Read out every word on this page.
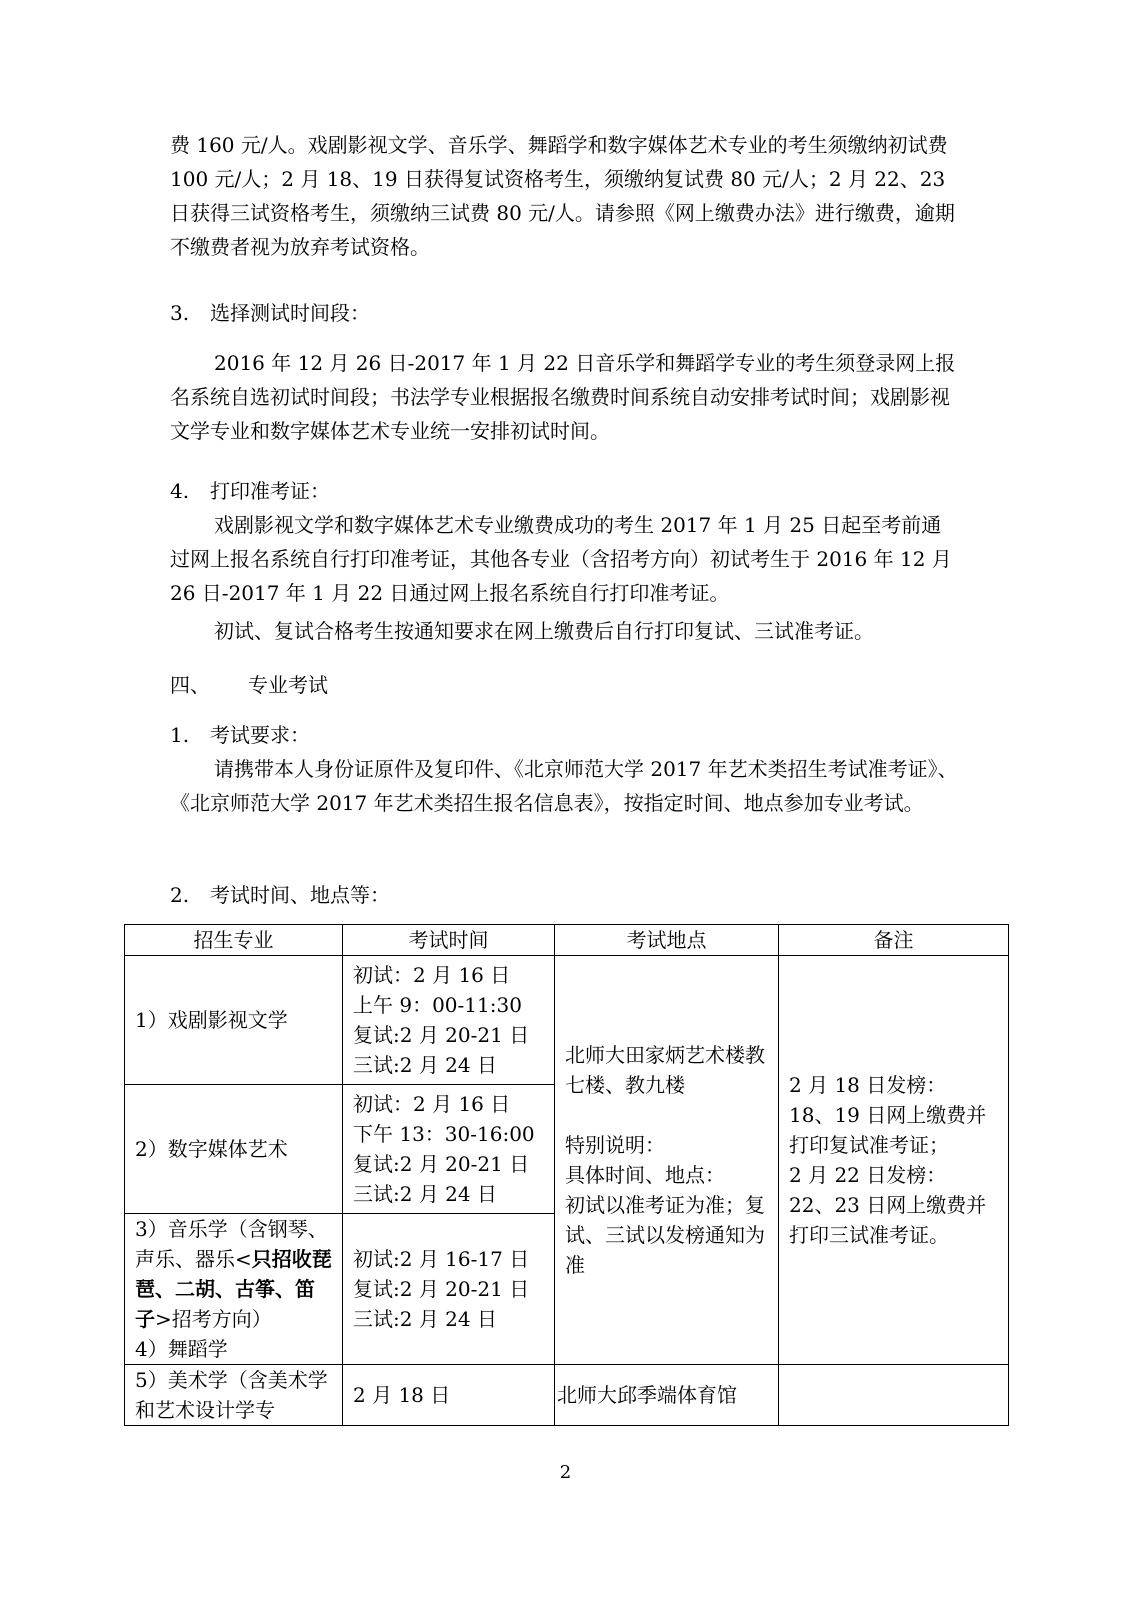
费 160 元/人。戏剧影视文学、音乐学、舞蹈学和数字媒体艺术专业的考生须缴纳初试费 100 元/人；2 月 18、19 日获得复试资格考生，须缴纳复试费 80 元/人；2 月 22、23 日获得三试资格考生，须缴纳三试费 80 元/人。请参照《网上缴费办法》进行缴费，逾期不缴费者视为放弃考试资格。

3. 选择测试时间段：

2016 年 12 月 26 日-2017 年 1 月 22 日音乐学和舞蹈学专业的考生须登录网上报名系统自选初试时间段；书法学专业根据报名缴费时间系统自动安排考试时间；戏剧影视文学专业和数字媒体艺术专业统一安排初试时间。

4. 打印准考证：

戏剧影视文学和数字媒体艺术专业缴费成功的考生 2017 年 1 月 25 日起至考前通过网上报名系统自行打印准考证，其他各专业（含招考方向）初试考生于 2016 年 12 月 26 日-2017 年 1 月 22 日通过网上报名系统自行打印准考证。

初试、复试合格考生按通知要求在网上缴费后自行打印复试、三试准考证。

四、 专业考试
1. 考试要求：

请携带本人身份证原件及复印件、《北京师范大学 2017 年艺术类招生考试准考证》、《北京师范大学 2017 年艺术类招生报名信息表》，按指定时间、地点参加专业考试。

2. 考试时间、地点等：
招生专业	考试时间	考试地点	备注
1）戏剧影视文学	初试：2 月 16 日
上午 9：00-11:30
复试:2 月 20-21 日
三试:2 月 24 日	北师大田家炳艺术楼教七楼、教九楼

特别说明：
具体时间、地点：
初试以准考证为准；复试、三试以发榜通知为准	2 月 18 日发榜：
18、19 日网上缴费并打印复试准考证；
2 月 22 日发榜：
22、23 日网上缴费并打印三试准考证。

2）数字媒体艺术	初试：2 月 16 日
下午 13：30-16:00
复试:2 月 20-21 日
三试:2 月 24 日		

3）音乐学（含钢琴、声乐、器乐<只招收琵琶、二胡、古筝、笛子>招考方向）
4）舞蹈学	初试:2 月 16-17 日
复试:2 月 20-21 日
三试:2 月 24 日		

5）美术学（含美术学和艺术设计学专	2 月 18 日	北师大邱季端体育馆	
2
